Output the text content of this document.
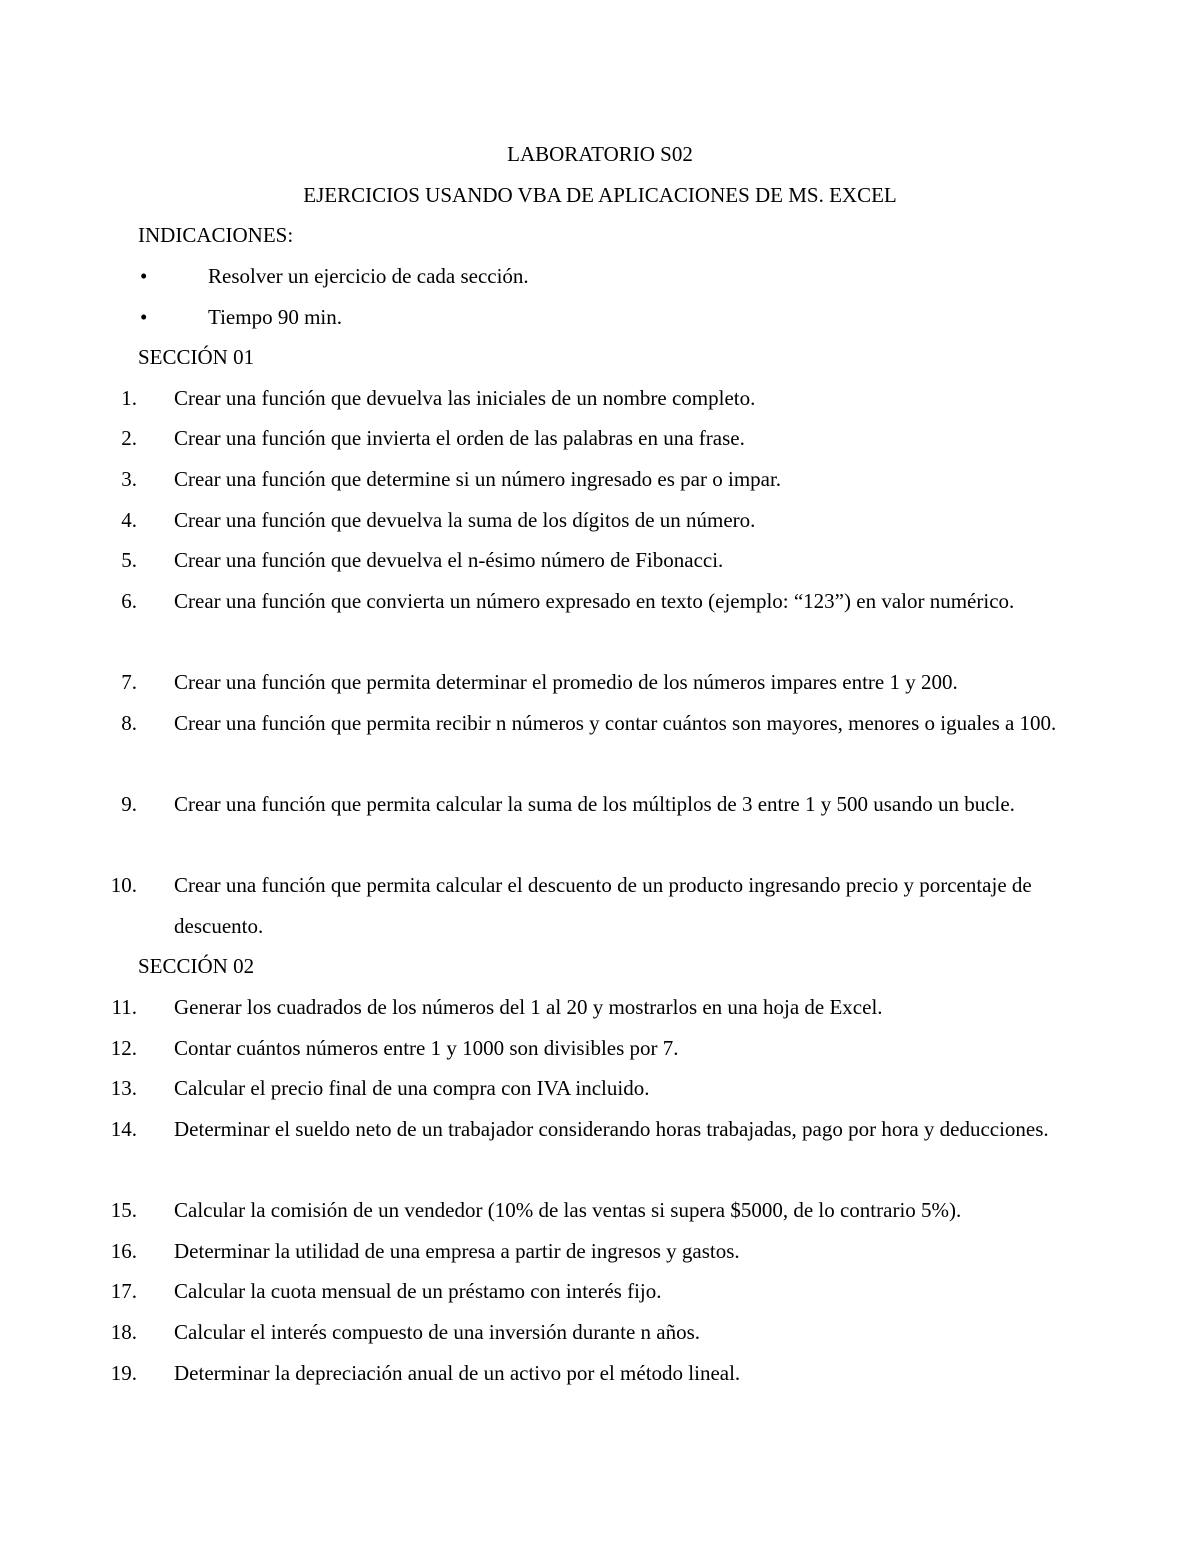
LABORATORIO S02
EJERCICIOS USANDO VBA DE APLICACIONES DE MS. EXCEL
INDICACIONES:
•	Resolver un ejercicio de cada sección.
•	Tiempo 90 min.
SECCIÓN 01
1. Crear una función que devuelva las iniciales de un nombre completo.
2. Crear una función que invierta el orden de las palabras en una frase.
3. Crear una función que determine si un número ingresado es par o impar.
4. Crear una función que devuelva la suma de los dígitos de un número.
5. Crear una función que devuelva el n-ésimo número de Fibonacci.
6. Crear una función que convierta un número expresado en texto (ejemplo: “123”) en valor numérico.
7. Crear una función que permita determinar el promedio de los números impares entre 1 y 200.
8. Crear una función que permita recibir n números y contar cuántos son mayores, menores o iguales a 100.
9. Crear una función que permita calcular la suma de los múltiplos de 3 entre 1 y 500 usando un bucle.
10. Crear una función que permita calcular el descuento de un producto ingresando precio y porcentaje de descuento.
SECCIÓN 02
11. Generar los cuadrados de los números del 1 al 20 y mostrarlos en una hoja de Excel.
12. Contar cuántos números entre 1 y 1000 son divisibles por 7.
13. Calcular el precio final de una compra con IVA incluido.
14. Determinar el sueldo neto de un trabajador considerando horas trabajadas, pago por hora y deducciones.
15. Calcular la comisión de un vendedor (10% de las ventas si supera $5000, de lo contrario 5%).
16. Determinar la utilidad de una empresa a partir de ingresos y gastos.
17. Calcular la cuota mensual de un préstamo con interés fijo.
18. Calcular el interés compuesto de una inversión durante n años.
19. Determinar la depreciación anual de un activo por el método lineal.
